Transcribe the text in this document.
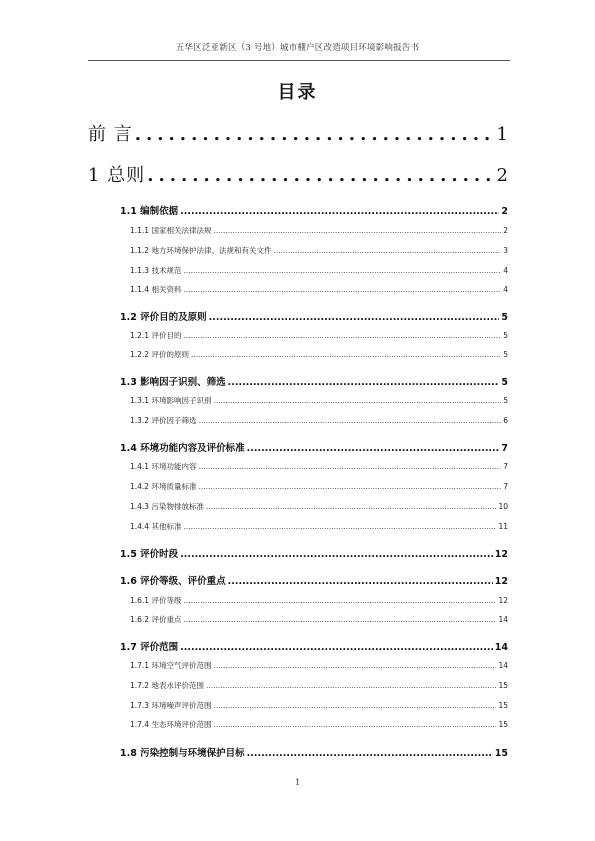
五华区泛亚新区（3 号地）城市棚户区改造项目环境影响报告书
目录
前 言 .....	1
1 总则 .....	2
1.1 编制依据 .....	2
1.1.1 国家相关法律法规 .....	2
1.1.2 地方环境保护法律、法规和有关文件 .....	3
1.1.3 技术规范 .....	4
1.1.4 相关资料 .....	4
1.2 评价目的及原则 .....	5
1.2.1 评价目的 .....	5
1.2.2 评价的原则 .....	5
1.3 影响因子识别、筛选 .....	5
1.3.1 环境影响因子识别 .....	5
1.3.2 评价因子筛选 .....	6
1.4 环境功能内容及评价标准 .....	7
1.4.1 环境功能内容 .....	7
1.4.2 环境质量标准 .....	7
1.4.3 污染物排放标准 .....	10
1.4.4 其他标准 .....	11
1.5 评价时段 .....	12
1.6 评价等级、评价重点 .....	12
1.6.1 评价等级 .....	12
1.6.2 评价重点 .....	14
1.7 评价范围 .....	14
1.7.1 环境空气评价范围 .....	14
1.7.2 地表水评价范围 .....	15
1.7.3 环境噪声评价范围 .....	15
1.7.4 生态环境评价范围 .....	15
1.8 污染控制与环境保护目标 .....	15
1
